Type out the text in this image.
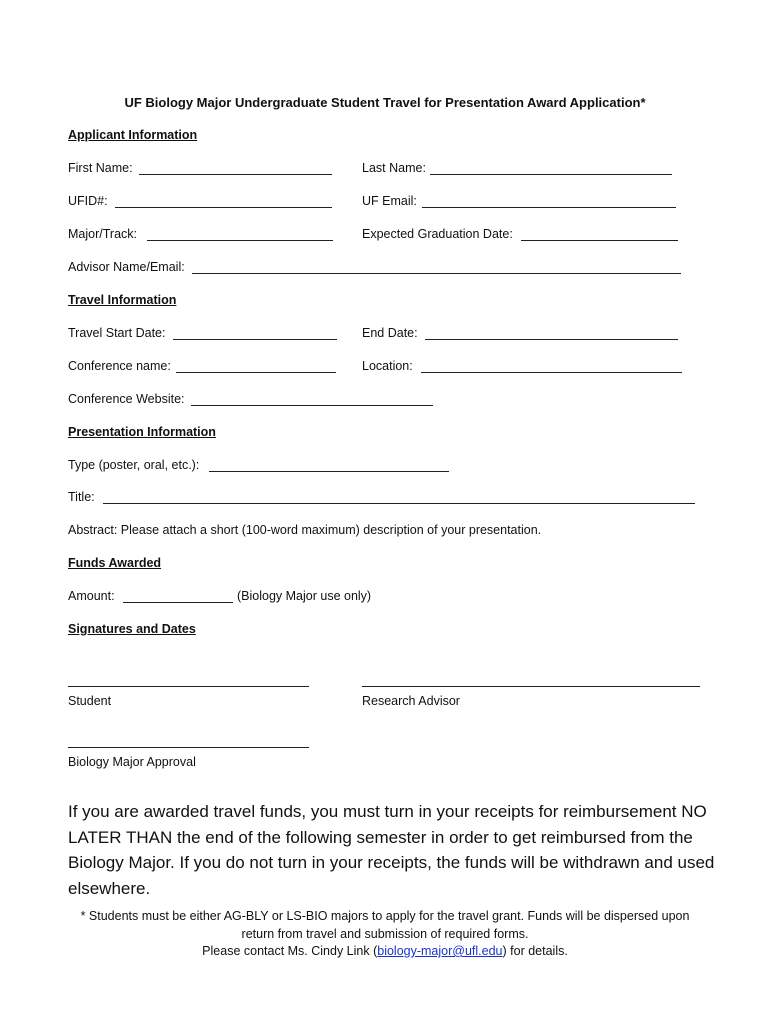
UF Biology Major Undergraduate Student Travel for Presentation Award Application*
Applicant Information
First Name:	Last Name:
UFID#:	UF Email:
Major/Track:	Expected Graduation Date:
Advisor Name/Email:
Travel Information
Travel Start Date:	End Date:
Conference name:	Location:
Conference Website:
Presentation Information
Type (poster, oral, etc.):
Title:
Abstract: Please attach a short (100-word maximum) description of your presentation.
Funds Awarded
Amount:	(Biology Major use only)
Signatures and Dates
Student	Research Advisor
Biology Major Approval
If you are awarded travel funds, you must turn in your receipts for reimbursement NO LATER THAN the end of the following semester in order to get reimbursed from the Biology Major. If you do not turn in your receipts, the funds will be withdrawn and used elsewhere.
* Students must be either AG-BLY or LS-BIO majors to apply for the travel grant. Funds will be dispersed upon return from travel and submission of required forms.
Please contact Ms. Cindy Link (biology-major@ufl.edu) for details.
